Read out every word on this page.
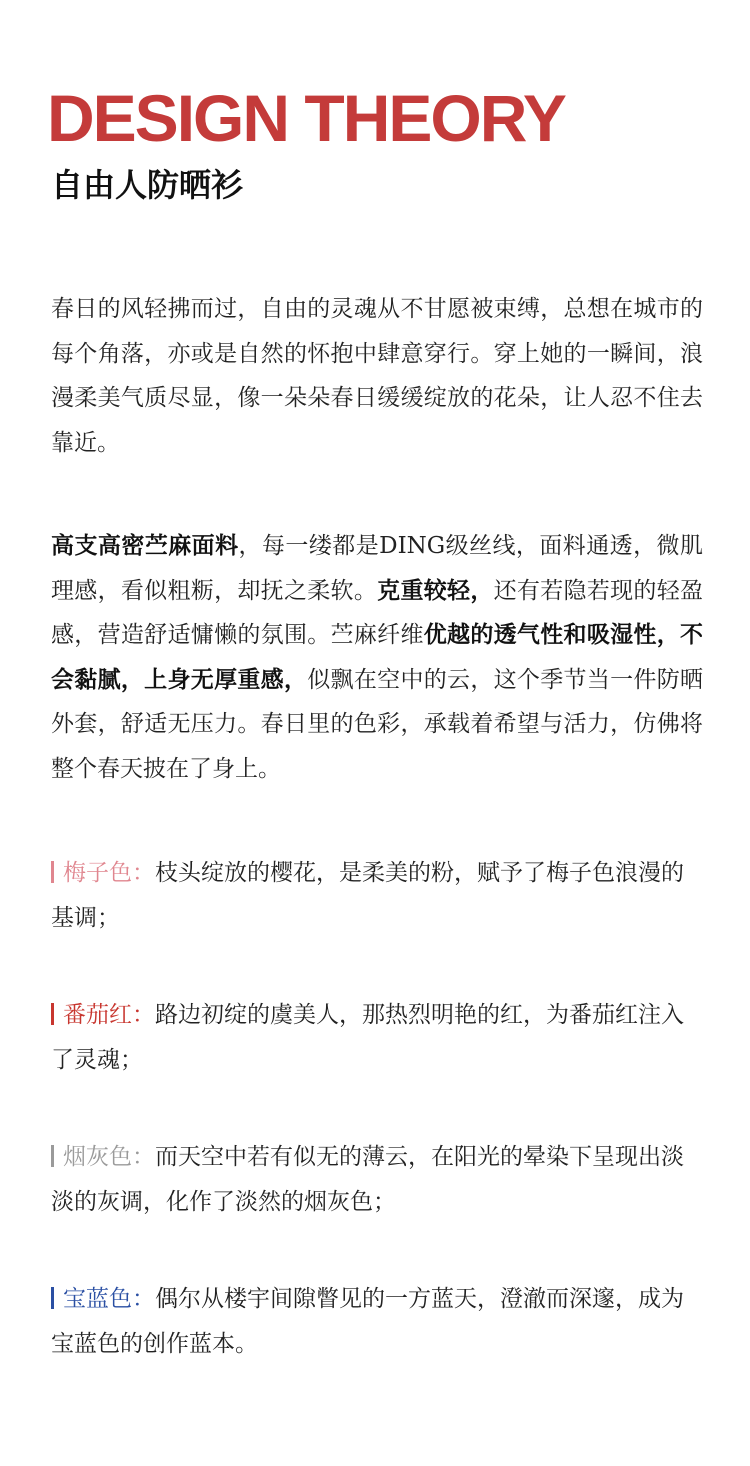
DESIGN THEORY
自由人防晒衫
春日的风轻拂而过，自由的灵魂从不甘愿被束缚，总想在城市的每个角落，亦或是自然的怀抱中肆意穿行。穿上她的一瞬间，浪漫柔美气质尽显，像一朵朵春日缓缓绽放的花朵，让人忍不住去靠近。
高支高密苎麻面料，每一缕都是DING级丝线，面料通透，微肌理感，看似粗粝，却抚之柔软。克重较轻，还有若隐若现的轻盈感，营造舒适慵懒的氛围。苎麻纤维优越的透气性和吸湿性，不会黏腻，上身无厚重感，似飘在空中的云，这个季节当一件防晒外套，舒适无压力。春日里的色彩，承载着希望与活力，仿佛将整个春天披在了身上。
梅子色：枝头绽放的樱花，是柔美的粉，赋予了梅子色浪漫的基调；
番茄红：路边初绽的虞美人，那热烈明艳的红，为番茄红注入了灵魂；
烟灰色：而天空中若有似无的薄云，在阳光的晕染下呈现出淡淡的灰调，化作了淡然的烟灰色；
宝蓝色：偶尔从楼宇间隙瞥见的一方蓝天，澄澈而深邃，成为宝蓝色的创作蓝本。
